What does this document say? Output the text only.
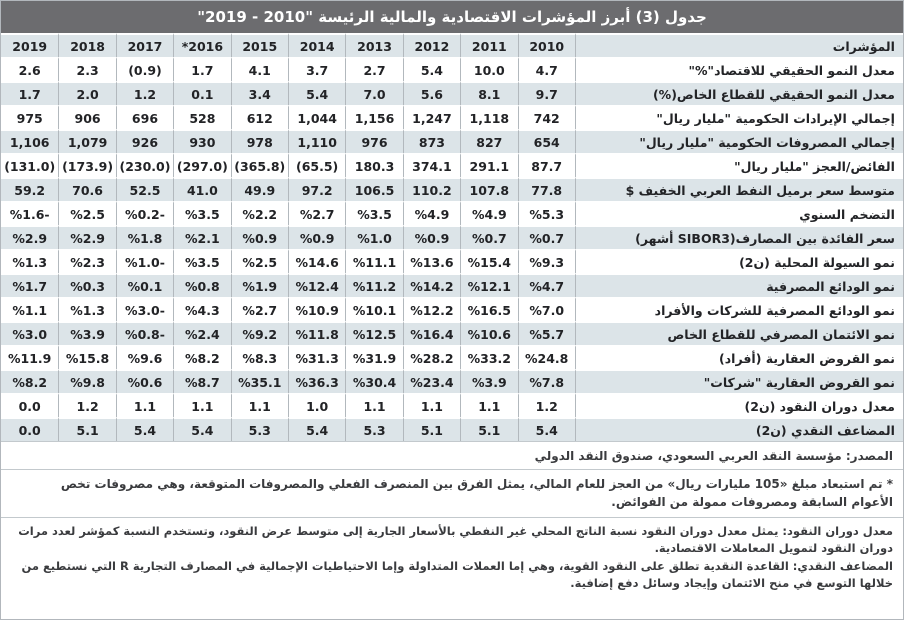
جدول (3) أبرز المؤشرات الاقتصادية والمالية الرئيسة "2010 - 2019"
2019	2018	2017	*2016	2015	2014	2013	2012	2011	2010	المؤشرات
2.6	2.3	(0.9)	1.7	4.1	3.7	2.7	5.4	10.0	4.7	معدل النمو الحقيقي للاقتصاد"%"
1.7	2.0	1.2	0.1	3.4	5.4	7.0	5.6	8.1	9.7	معدل النمو الحقيقي للقطاع الخاص(%)
975	906	696	528	612	1,044	1,156	1,247	1,118	742	إجمالي الإيرادات الحكومية "مليار ريال"
1,106	1,079	926	930	978	1,110	976	873	827	654	إجمالي المصروفات الحكومية "مليار ريال"
(131.0)	(173.9)	(230.0)	(297.0)	(365.8)	(65.5)	180.3	374.1	291.1	87.7	الفائض/العجز "مليار ريال"
59.2	70.6	52.5	41.0	49.9	97.2	106.5	110.2	107.8	77.8	متوسط سعر برميل النفط العربي الخفيف $
%1.6-	%2.5	%0.2-	%3.5	%2.2	%2.7	%3.5	%4.9	%4.9	%5.3	التضخم السنوي
%2.9	%2.9	%1.8	%2.1	%0.9	%0.9	%1.0	%0.9	%0.7	%0.7	سعر الفائدة بين المصارف(SIBOR3 أشهر)
%1.3	%2.3	%1.0-	%3.5	%2.5	%14.6	%11.1	%13.6	%15.4	%9.3	نمو السيولة المحلية (ن2)
%1.7	%0.3	%0.1	%0.8	%1.9	%12.4	%11.2	%14.2	%12.1	%4.7	نمو الودائع المصرفية
%1.1	%1.3	%3.0-	%4.3	%2.7	%10.9	%10.1	%12.2	%16.5	%7.0	نمو الودائع المصرفية للشركات والأفراد
%3.0	%3.9	%0.8-	%2.4	%9.2	%11.8	%12.5	%16.4	%10.6	%5.7	نمو الائتمان المصرفي للقطاع الخاص
%11.9	%15.8	%9.6	%8.2	%8.3	%31.3	%31.9	%28.2	%33.2	%24.8	نمو القروض العقارية (أفراد)
%8.2	%9.8	%0.6	%8.7	%35.1	%36.3	%30.4	%23.4	%3.9	%7.8	نمو القروض العقارية "شركات"
0.0	1.2	1.1	1.1	1.1	1.0	1.1	1.1	1.1	1.2	معدل دوران النقود (ن2)
0.0	5.1	5.4	5.4	5.3	5.4	5.3	5.1	5.1	5.4	المضاعف النقدي (ن2)
المصدر: مؤسسة النقد العربي السعودي، صندوق النقد الدولي
* تم استبعاد مبلغ «105 مليارات ريال» من العجز للعام المالي، يمثل الفرق بين المنصرف الفعلي والمصروفات المتوقعة، وهي مصروفات تخص الأعوام السابقة ومصروفات ممولة من الفوائض.

معدل دوران النقود: يمثل معدل دوران النقود نسبة الناتج المحلي غير النفطي بالأسعار الجارية إلى متوسط عرض النقود، وتستخدم النسبة كمؤشر لعدد مرات دوران النقود لتمويل المعاملات الاقتصادية.

المضاعف النقدي: القاعدة النقدية تطلق على النقود القوية، وهي إما العملات المتداولة وإما الاحتياطيات الإجمالية في المصارف التجارية R التي نستطيع من خلالها التوسع في منح الائتمان وإيجاد وسائل دفع إضافية.
